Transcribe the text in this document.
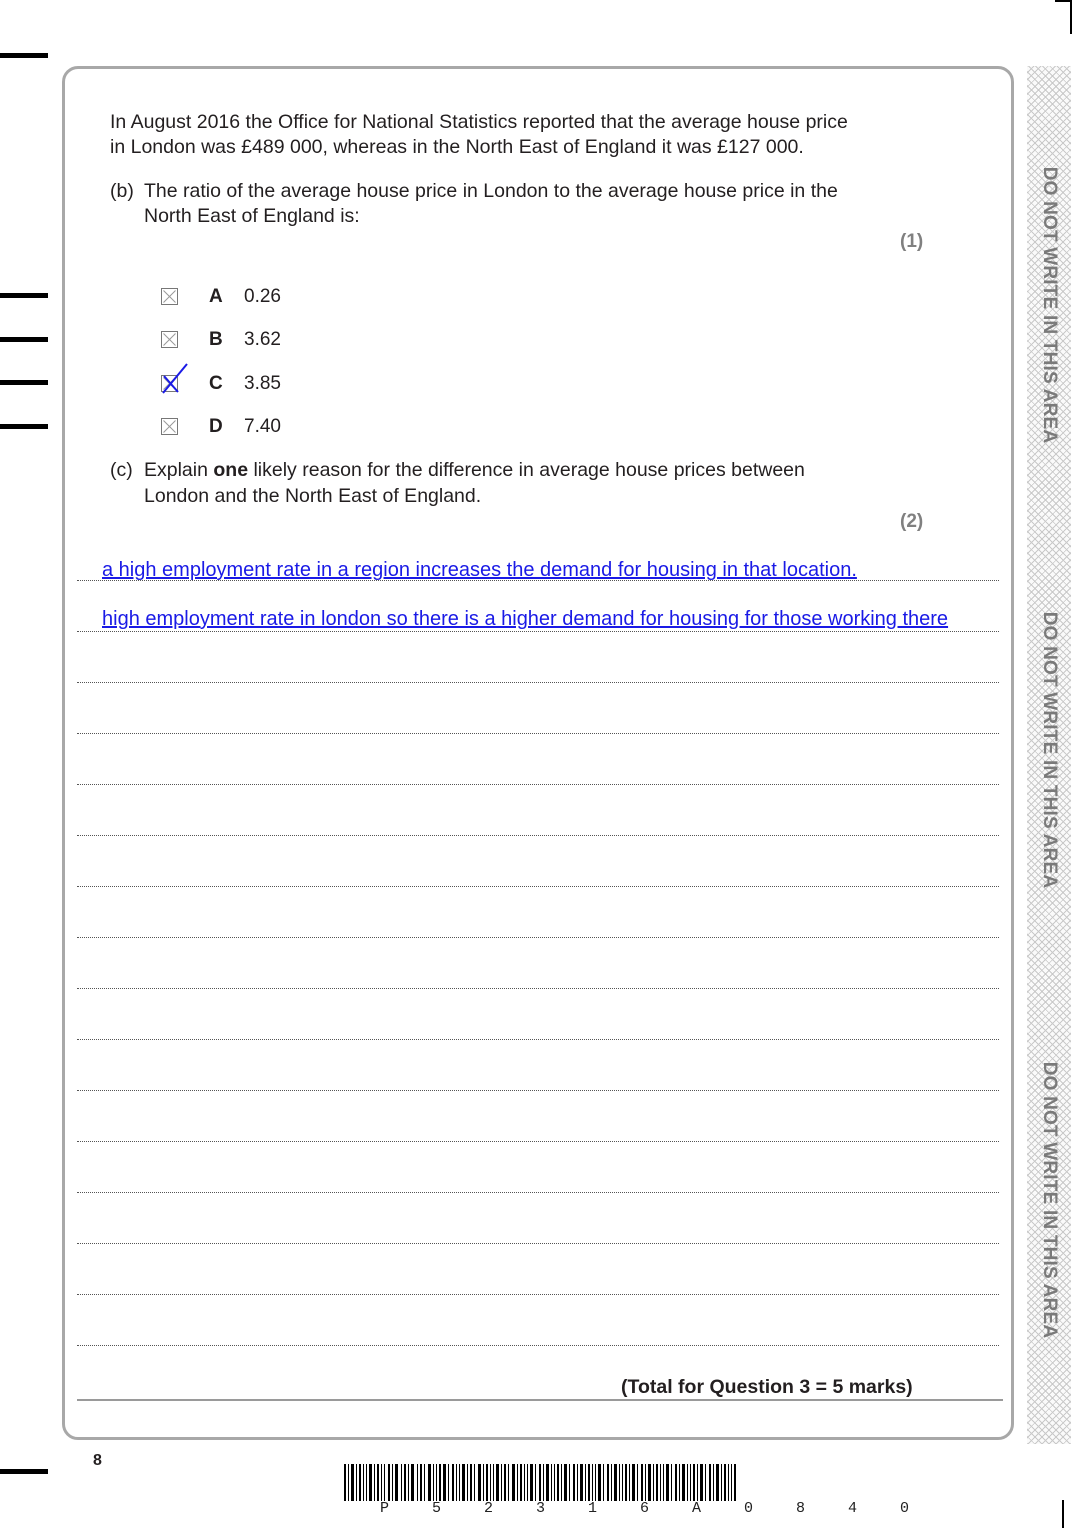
DO NOT WRITE IN THIS AREA
DO NOT WRITE IN THIS AREA
DO NOT WRITE IN THIS AREA
In August 2016 the Office for National Statistics reported that the average house price
in London was £489 000, whereas in the North East of England it was £127 000.
(b) The ratio of the average house price in London to the average house price in the
North East of England is:
(1)
A 0.26
B 3.62
C 3.85
D 7.40
(c) Explain one likely reason for the difference in average house prices between
London and the North East of England.
(2)
a high employment rate in a region increases the demand for housing in that location.
high employment rate in london so there is a higher demand for housing for those working there
(Total for Question 3 = 5 marks)
8
P 5 2 3 1 6 A 0 8 4 0
